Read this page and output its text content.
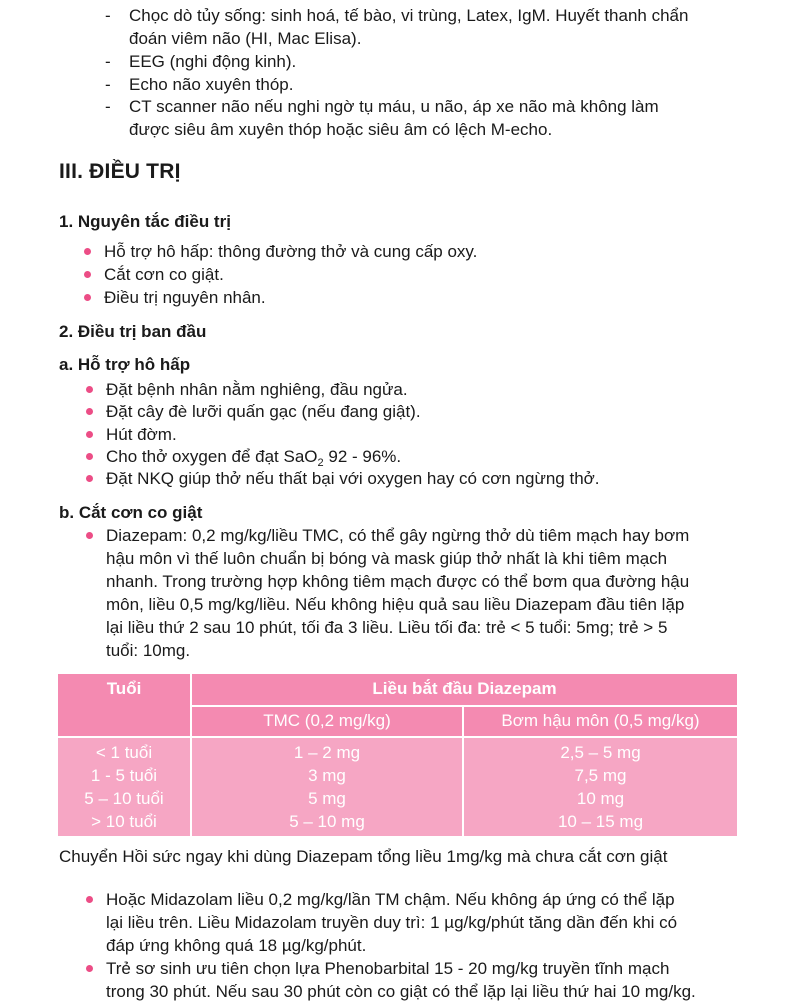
- Chọc dò tủy sống: sinh hoá, tế bào, vi trùng, Latex, IgM. Huyết thanh chẩn
đoán viêm não (HI, Mac Elisa).
- EEG (nghi động kinh).
- Echo não xuyên thóp.
- CT scanner não nếu nghi ngờ tụ máu, u não, áp xe não mà không làm
được siêu âm xuyên thóp hoặc siêu âm có lệch M-echo.
III. ĐIỀU TRỊ
1. Nguyên tắc điều trị
Hỗ trợ hô hấp: thông đường thở và cung cấp oxy.
Cắt cơn co giật.
Điều trị nguyên nhân.
2. Điều trị ban đầu
a. Hỗ trợ hô hấp
Đặt bệnh nhân nằm nghiêng, đầu ngửa.
Đặt cây đè lưỡi quấn gạc (nếu đang giật).
Hút đờm.
Cho thở oxygen để đạt SaO$_2$ 92 - 96%.
Đặt NKQ giúp thở nếu thất bại với oxygen hay có cơn ngừng thở.
b. Cắt cơn co giật
Diazepam: 0,2 mg/kg/liều TMC, có thể gây ngừng thở dù tiêm mạch hay bơm
hậu môn vì thế luôn chuẩn bị bóng và mask giúp thở nhất là khi tiêm mạch
nhanh. Trong trường hợp không tiêm mạch được có thể bơm qua đường hậu
môn, liều 0,5 mg/kg/liều. Nếu không hiệu quả sau liều Diazepam đầu tiên lặp
lại liều thứ 2 sau 10 phút, tối đa 3 liều. Liều tối đa: trẻ < 5 tuổi: 5mg; trẻ > 5
tuổi: 10mg.
Tuổi	Liều bắt đầu Diazepam
TMC (0,2 mg/kg)	Bơm hậu môn (0,5 mg/kg)
< 1 tuổi
1 - 5 tuổi
5 – 10 tuổi
> 10 tuổi
1 – 2 mg
3 mg
5 mg
5 – 10 mg
2,5 – 5 mg
7,5 mg
10 mg
10 – 15 mg
Chuyển Hồi sức ngay khi dùng Diazepam tổng liều 1mg/kg mà chưa cắt cơn giật
Hoặc Midazolam liều 0,2 mg/kg/lần TM chậm. Nếu không áp ứng có thể lặp
lại liều trên. Liều Midazolam truyền duy trì: 1 µg/kg/phút tăng dần đến khi có
đáp ứng không quá 18 µg/kg/phút.
Trẻ sơ sinh ưu tiên chọn lựa Phenobarbital 15 - 20 mg/kg truyền tĩnh mạch
trong 30 phút. Nếu sau 30 phút còn co giật có thể lặp lại liều thứ hai 10 mg/kg.
